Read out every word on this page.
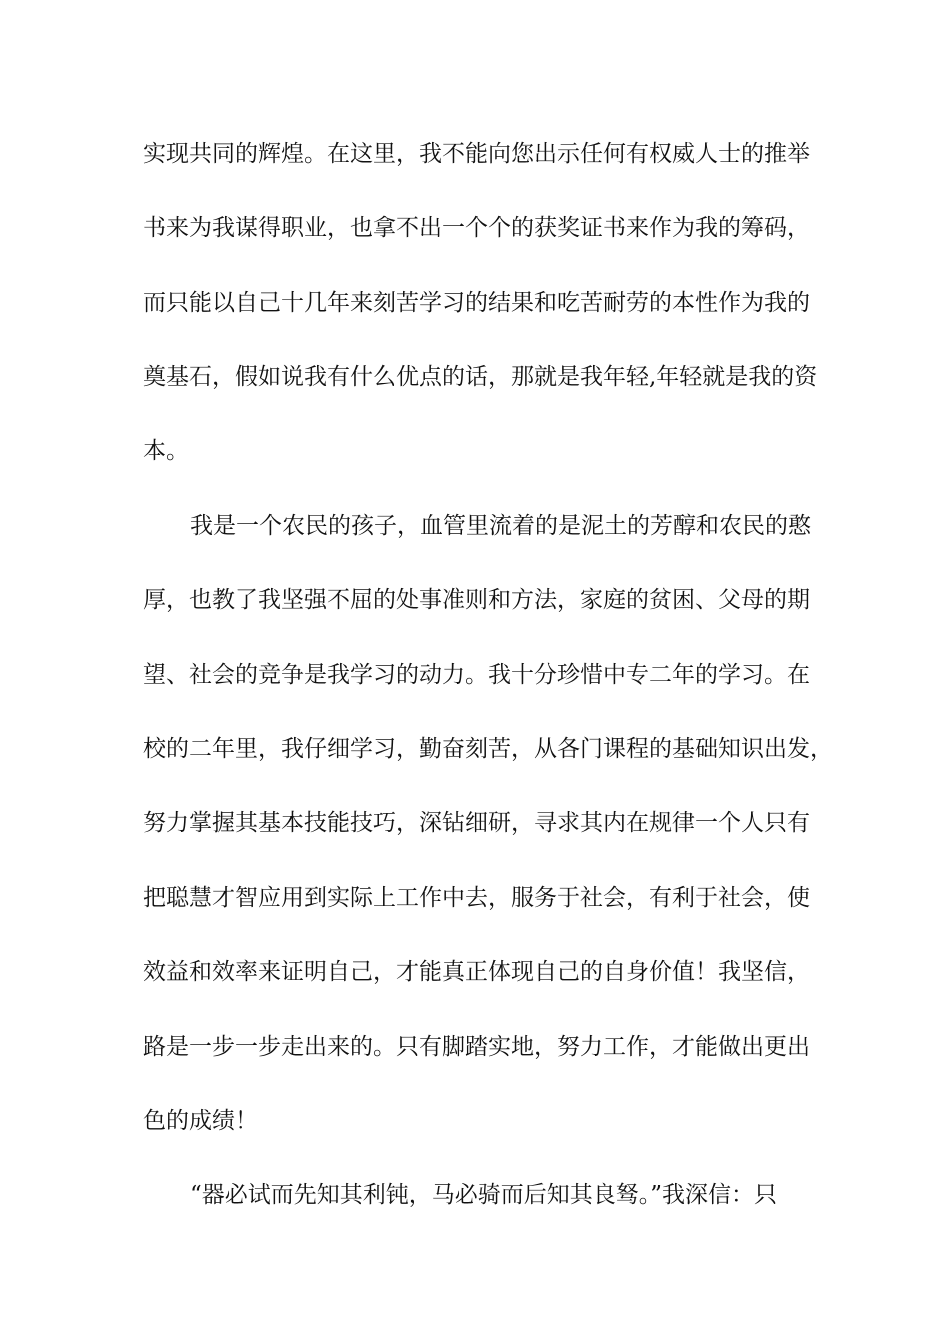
实现共同的辉煌。在这里，我不能向您出示任何有权威人士的推举

书来为我谋得职业，也拿不出一个个的获奖证书来作为我的筹码，

而只能以自己十几年来刻苦学习的结果和吃苦耐劳的本性作为我的

奠基石，假如说我有什么优点的话，那就是我年轻,年轻就是我的资

本。

我是一个农民的孩子，血管里流着的是泥土的芳醇和农民的憨

厚，也教了我坚强不屈的处事准则和方法，家庭的贫困、父母的期

望、社会的竞争是我学习的动力。我十分珍惜中专二年的学习。在

校的二年里，我仔细学习，勤奋刻苦，从各门课程的基础知识出发，

努力掌握其基本技能技巧，深钻细研，寻求其内在规律一个人只有

把聪慧才智应用到实际上工作中去，服务于社会，有利于社会，使

效益和效率来证明自己，才能真正体现自己的自身价值！我坚信，

路是一步一步走出来的。只有脚踏实地，努力工作，才能做出更出

色的成绩！

“器必试而先知其利钝，马必骑而后知其良驽。”我深信：只
